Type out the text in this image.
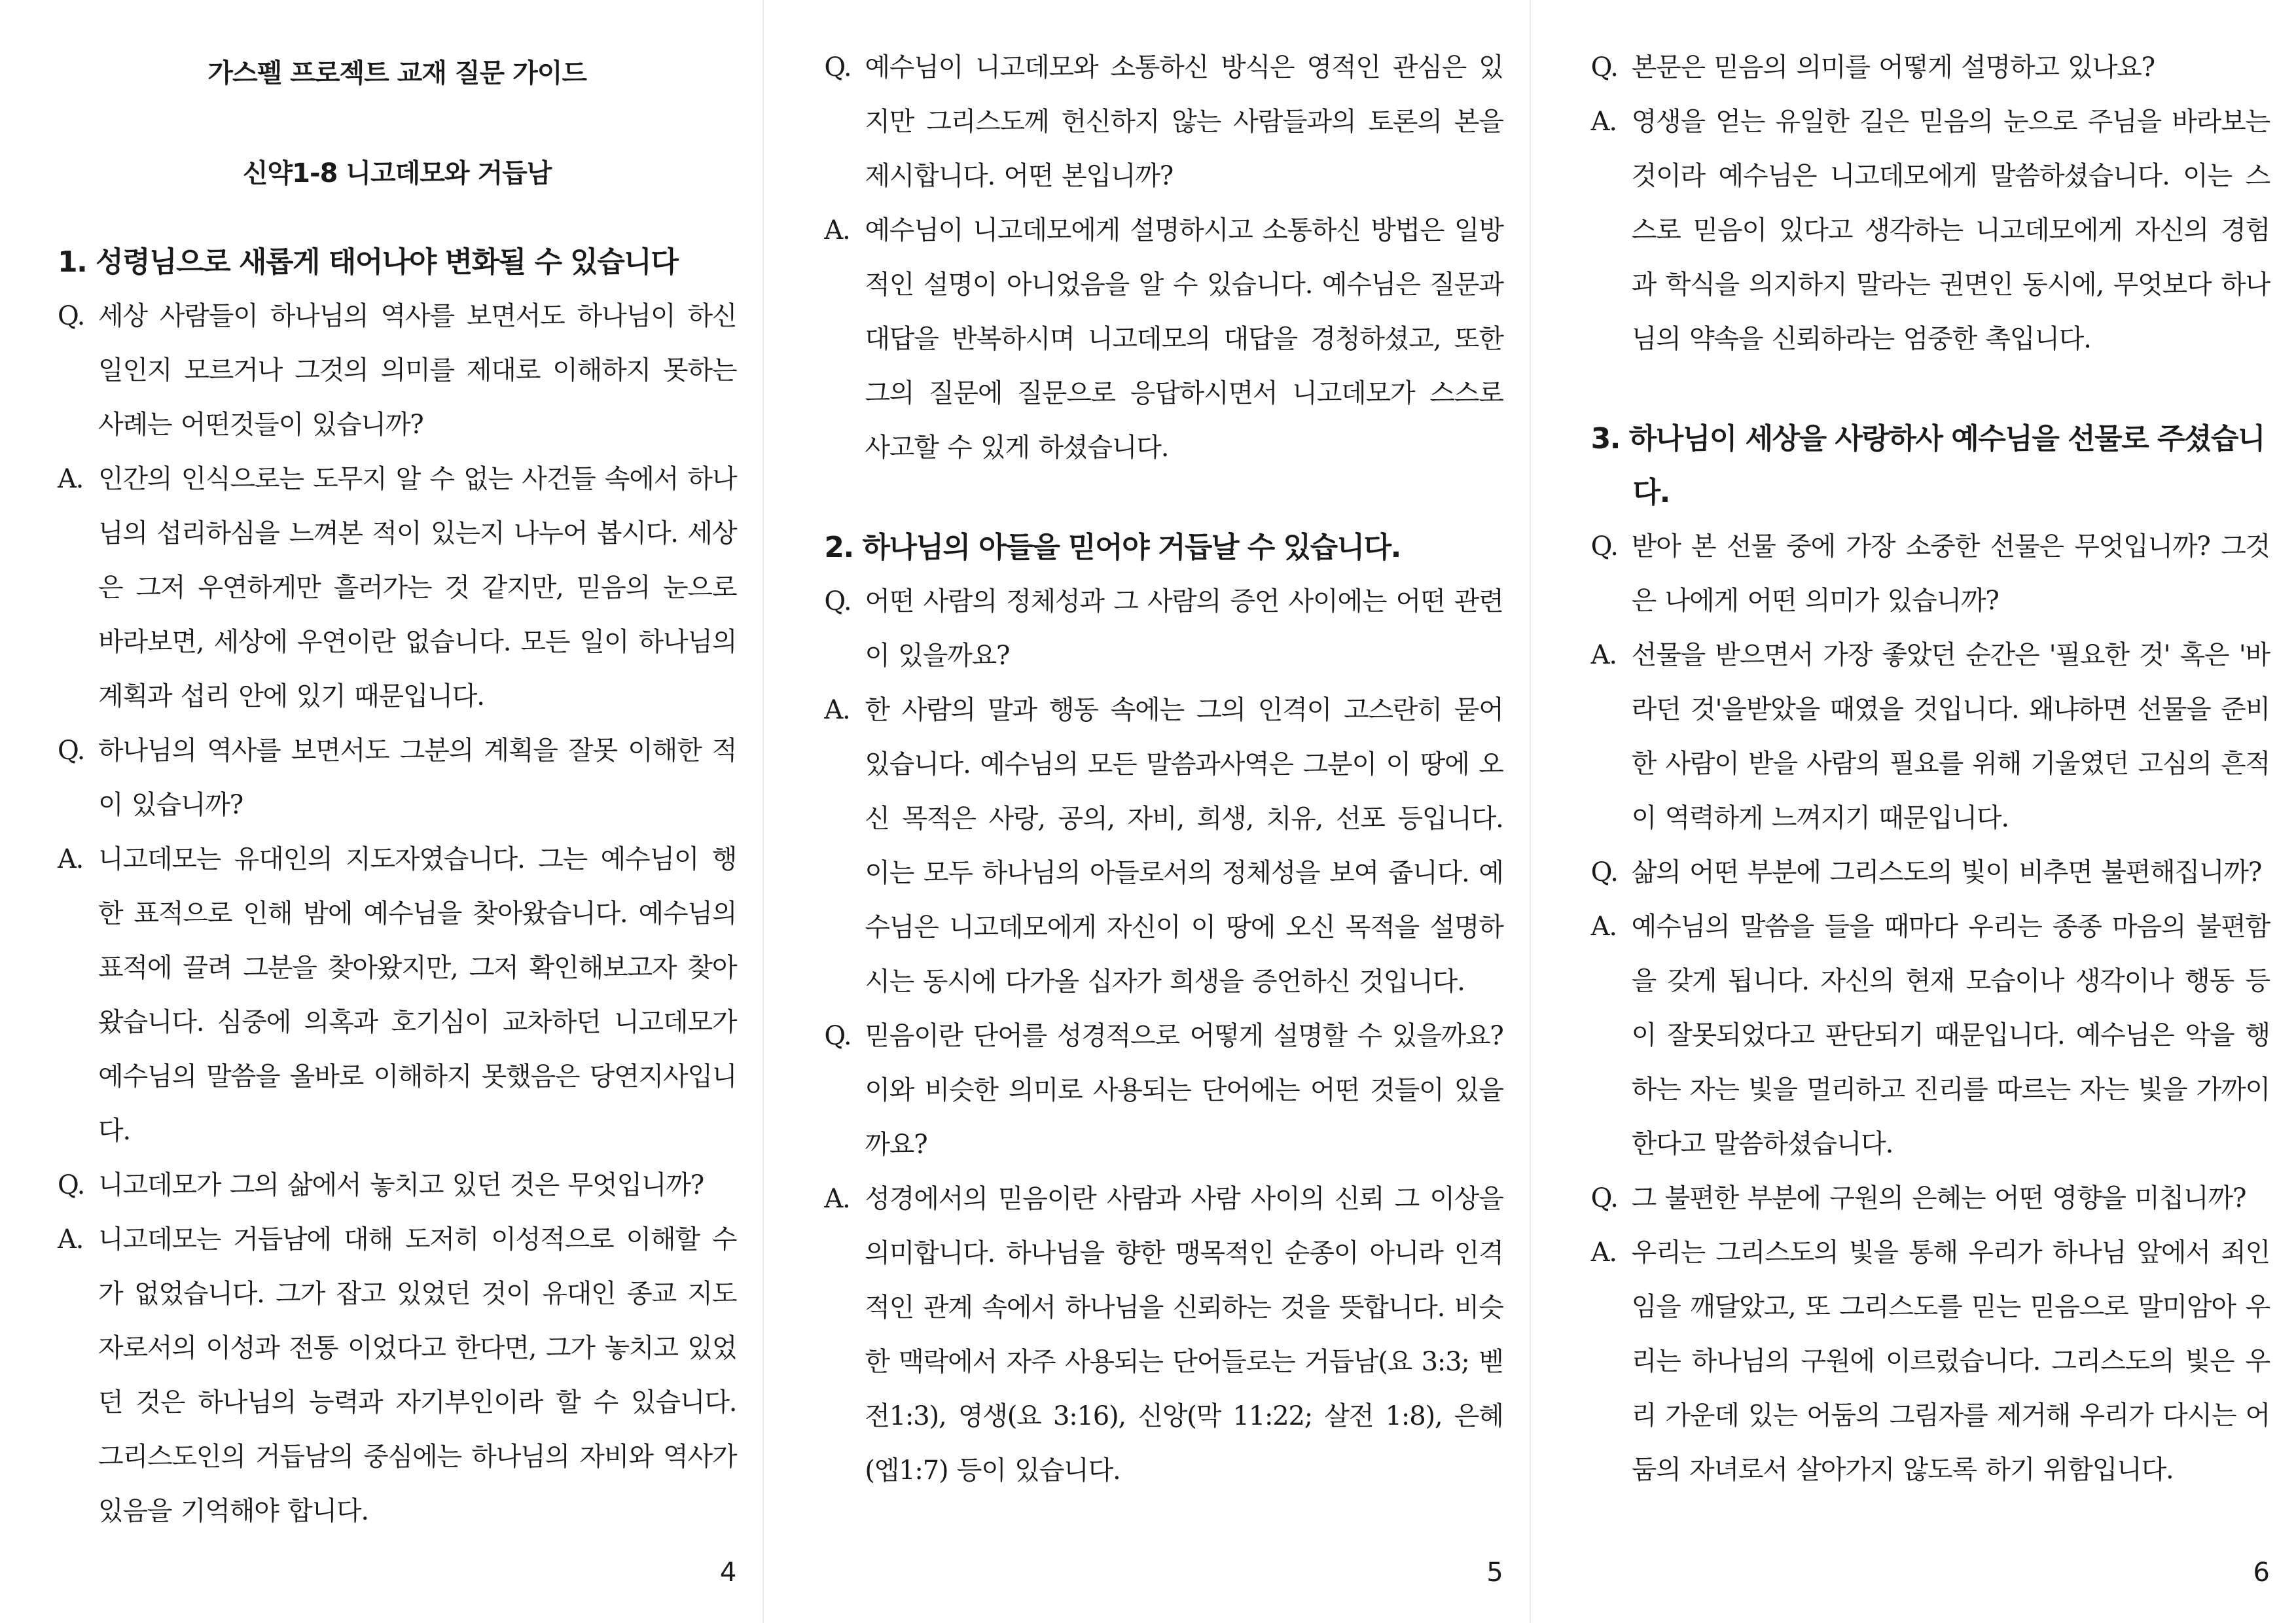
가스펠 프로젝트 교재 질문 가이드
신약1-8 니고데모와 거듭남
1. 성령님으로 새롭게 태어나야 변화될 수 있습니다
Q. 세상 사람들이 하나님의 역사를 보면서도 하나님이 하신 일인지 모르거나 그것의 의미를 제대로 이해하지 못하는 사례는 어떤것들이 있습니까?

A. 인간의 인식으로는 도무지 알 수 없는 사건들 속에서 하나님의 섭리하심을 느껴본 적이 있는지 나누어 봅시다. 세상은 그저 우연하게만 흘러가는 것 같지만, 믿음의 눈으로 바라보면, 세상에 우연이란 없습니다. 모든 일이 하나님의 계획과 섭리 안에 있기 때문입니다.

Q. 하나님의 역사를 보면서도 그분의 계획을 잘못 이해한 적이 있습니까?

A. 니고데모는 유대인의 지도자였습니다. 그는 예수님이 행한 표적으로 인해 밤에 예수님을 찾아왔습니다. 예수님의 표적에 끌려 그분을 찾아왔지만, 그저 확인해보고자 찾아왔습니다. 심중에 의혹과 호기심이 교차하던 니고데모가 예수님의 말씀을 올바로 이해하지 못했음은 당연지사입니다.

Q. 니고데모가 그의 삶에서 놓치고 있던 것은 무엇입니까?

A. 니고데모는 거듭남에 대해 도저히 이성적으로 이해할 수가 없었습니다. 그가 잡고 있었던 것이 유대인 종교 지도자로서의 이성과 전통 이었다고 한다면, 그가 놓치고 있었던 것은 하나님의 능력과 자기부인이라 할 수 있습니다. 그리스도인의 거듭남의 중심에는 하나님의 자비와 역사가 있음을 기억해야 합니다.

4
Q. 예수님이 니고데모와 소통하신 방식은 영적인 관심은 있지만 그리스도께 헌신하지 않는 사람들과의 토론의 본을 제시합니다. 어떤 본입니까?

A. 예수님이 니고데모에게 설명하시고 소통하신 방법은 일방적인 설명이 아니었음을 알 수 있습니다. 예수님은 질문과 대답을 반복하시며 니고데모의 대답을 경청하셨고, 또한 그의 질문에 질문으로 응답하시면서 니고데모가 스스로 사고할 수 있게 하셨습니다.

2. 하나님의 아들을 믿어야 거듭날 수 있습니다.
Q. 어떤 사람의 정체성과 그 사람의 증언 사이에는 어떤 관련이 있을까요?

A. 한 사람의 말과 행동 속에는 그의 인격이 고스란히 묻어 있습니다. 예수님의 모든 말씀과사역은 그분이 이 땅에 오신 목적은 사랑, 공의, 자비, 희생, 치유, 선포 등입니다. 이는 모두 하나님의 아들로서의 정체성을 보여 줍니다. 예수님은 니고데모에게 자신이 이 땅에 오신 목적을 설명하시는 동시에 다가올 십자가 희생을 증언하신 것입니다.

Q. 믿음이란 단어를 성경적으로 어떻게 설명할 수 있을까요? 이와 비슷한 의미로 사용되는 단어에는 어떤 것들이 있을까요?

A. 성경에서의 믿음이란 사람과 사람 사이의 신뢰 그 이상을 의미합니다. 하나님을 향한 맹목적인 순종이 아니라 인격적인 관계 속에서 하나님을 신뢰하는 것을 뜻합니다. 비슷한 맥락에서 자주 사용되는 단어들로는 거듭남(요 3:3; 벧전1:3), 영생(요 3:16), 신앙(막 11:22; 살전 1:8), 은혜(엡1:7) 등이 있습니다.

5
Q. 본문은 믿음의 의미를 어떻게 설명하고 있나요?

A. 영생을 얻는 유일한 길은 믿음의 눈으로 주님을 바라보는 것이라 예수님은 니고데모에게 말씀하셨습니다. 이는 스스로 믿음이 있다고 생각하는 니고데모에게 자신의 경험과 학식을 의지하지 말라는 권면인 동시에, 무엇보다 하나님의 약속을 신뢰하라는 엄중한 촉입니다.

3. 하나님이 세상을 사랑하사 예수님을 선물로 주셨습니다.
Q. 받아 본 선물 중에 가장 소중한 선물은 무엇입니까? 그것은 나에게 어떤 의미가 있습니까?

A. 선물을 받으면서 가장 좋았던 순간은 '필요한 것' 혹은 '바라던 것'을받았을 때였을 것입니다. 왜냐하면 선물을 준비한 사람이 받을 사람의 필요를 위해 기울였던 고심의 흔적이 역력하게 느껴지기 때문입니다.

Q. 삶의 어떤 부분에 그리스도의 빛이 비추면 불편해집니까?

A. 예수님의 말씀을 들을 때마다 우리는 종종 마음의 불편함을 갖게 됩니다. 자신의 현재 모습이나 생각이나 행동 등이 잘못되었다고 판단되기 때문입니다. 예수님은 악을 행하는 자는 빛을 멀리하고 진리를 따르는 자는 빛을 가까이 한다고 말씀하셨습니다.

Q. 그 불편한 부분에 구원의 은혜는 어떤 영향을 미칩니까?

A. 우리는 그리스도의 빛을 통해 우리가 하나님 앞에서 죄인임을 깨달았고, 또 그리스도를 믿는 믿음으로 말미암아 우리는 하나님의 구원에 이르렀습니다. 그리스도의 빛은 우리 가운데 있는 어둠의 그림자를 제거해 우리가 다시는 어둠의 자녀로서 살아가지 않도록 하기 위함입니다.

6
